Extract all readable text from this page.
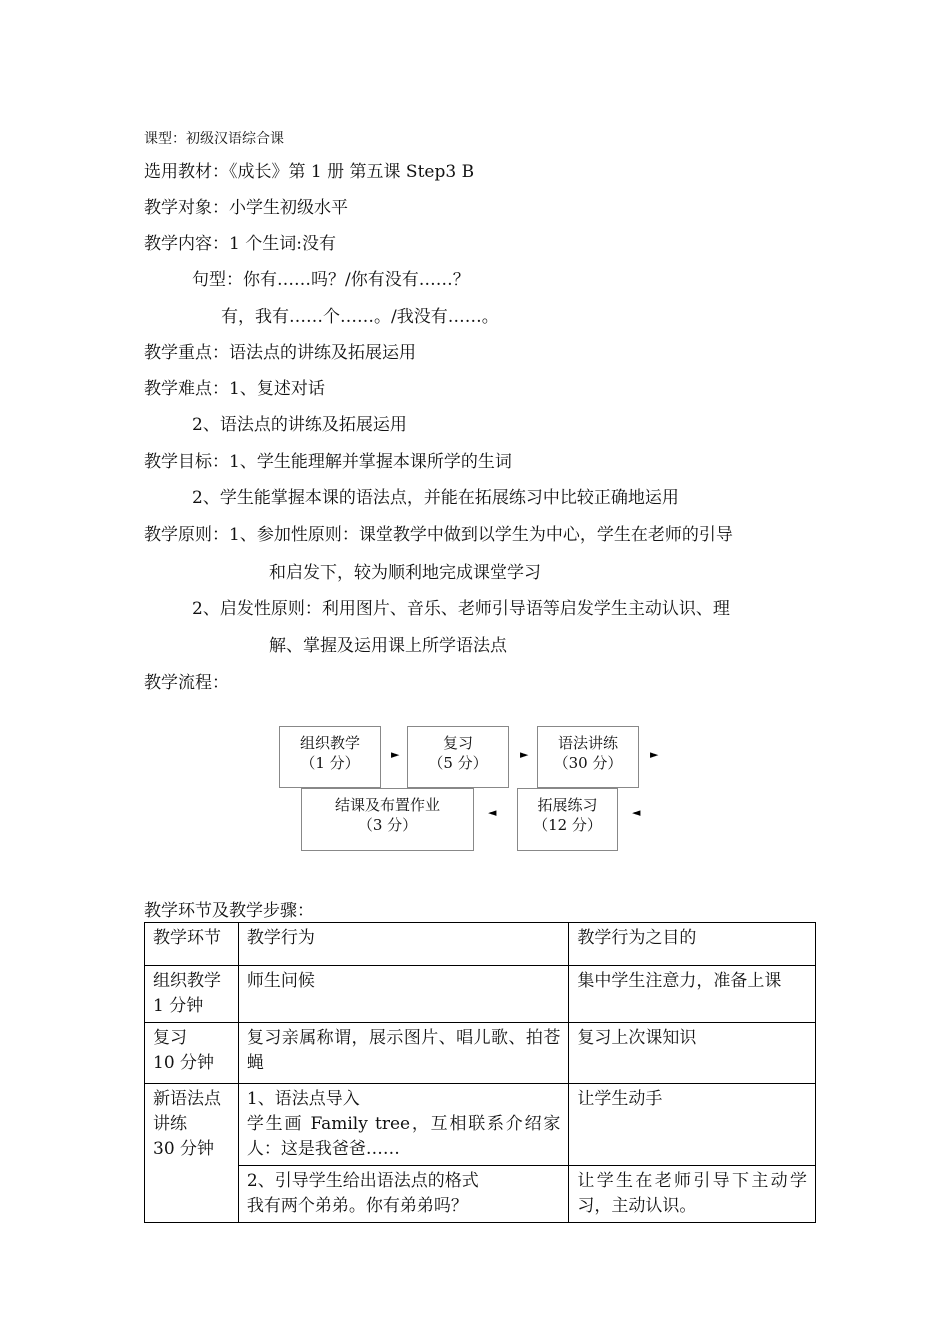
课型：初级汉语综合课
选用教材：《成长》第 1 册 第五课 Step3 B
教学对象：小学生初级水平
教学内容：1 个生词:没有
句型：你有……吗？/你有没有……？
有，我有……个……。/我没有……。
教学重点：语法点的讲练及拓展运用
教学难点：1、复述对话
2、语法点的讲练及拓展运用
教学目标：1、学生能理解并掌握本课所学的生词
2、学生能掌握本课的语法点，并能在拓展练习中比较正确地运用
教学原则：1、参加性原则：课堂教学中做到以学生为中心，学生在老师的引导
和启发下，较为顺利地完成课堂学习
2、启发性原则：利用图片、音乐、老师引导语等启发学生主动认识、理
解、掌握及运用课上所学语法点
教学流程：
组织教学
（1 分）	►
复习
（5 分）	►
语法讲练
（30 分）	►
结课及布置作业
（3 分）
◄	拓展练习
（12 分）
◄
教学环节及教学步骤：
教学环节	教学行为	教学行为之目的
组织教学
1 分钟	师生问候	集中学生注意力，准备上课
复习
10 分钟	复习亲属称谓，展示图片、唱儿歌、拍苍蝇	复习上次课知识
新语法点
讲练
30 分钟	1、语法点导入
学生画 Family tree，互相联系介绍家人：这是我爸爸……	让学生动手
	2、引导学生给出语法点的格式
我有两个弟弟。你有弟弟吗？	让学生在老师引导下主动学习，主动认识。
